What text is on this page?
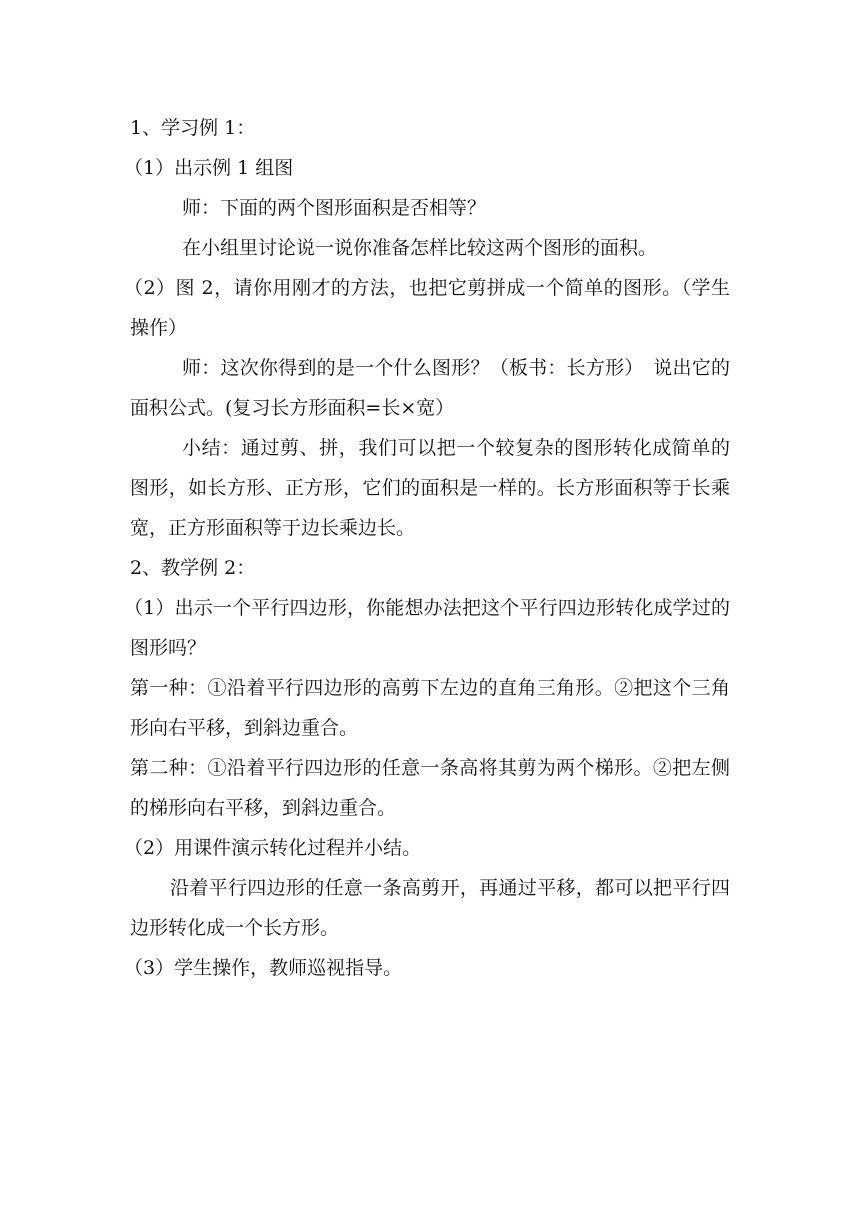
1、学习例 1：

（1）出示例 1 组图

师：下面的两个图形面积是否相等？

在小组里讨论说一说你准备怎样比较这两个图形的面积。

（2）图 2，请你用刚才的方法，也把它剪拼成一个简单的图形。（学生操作）

师：这次你得到的是一个什么图形？（板书：长方形）　说出它的面积公式。(复习长方形面积=长×宽）

小结：通过剪、拼，我们可以把一个较复杂的图形转化成简单的图形，如长方形、正方形，它们的面积是一样的。长方形面积等于长乘宽，正方形面积等于边长乘边长。

2、教学例 2：

（1）出示一个平行四边形，你能想办法把这个平行四边形转化成学过的图形吗？

第一种：①沿着平行四边形的高剪下左边的直角三角形。②把这个三角形向右平移，到斜边重合。

第二种：①沿着平行四边形的任意一条高将其剪为两个梯形。②把左侧的梯形向右平移，到斜边重合。

（2）用课件演示转化过程并小结。

沿着平行四边形的任意一条高剪开，再通过平移，都可以把平行四边形转化成一个长方形。

（3）学生操作，教师巡视指导。
